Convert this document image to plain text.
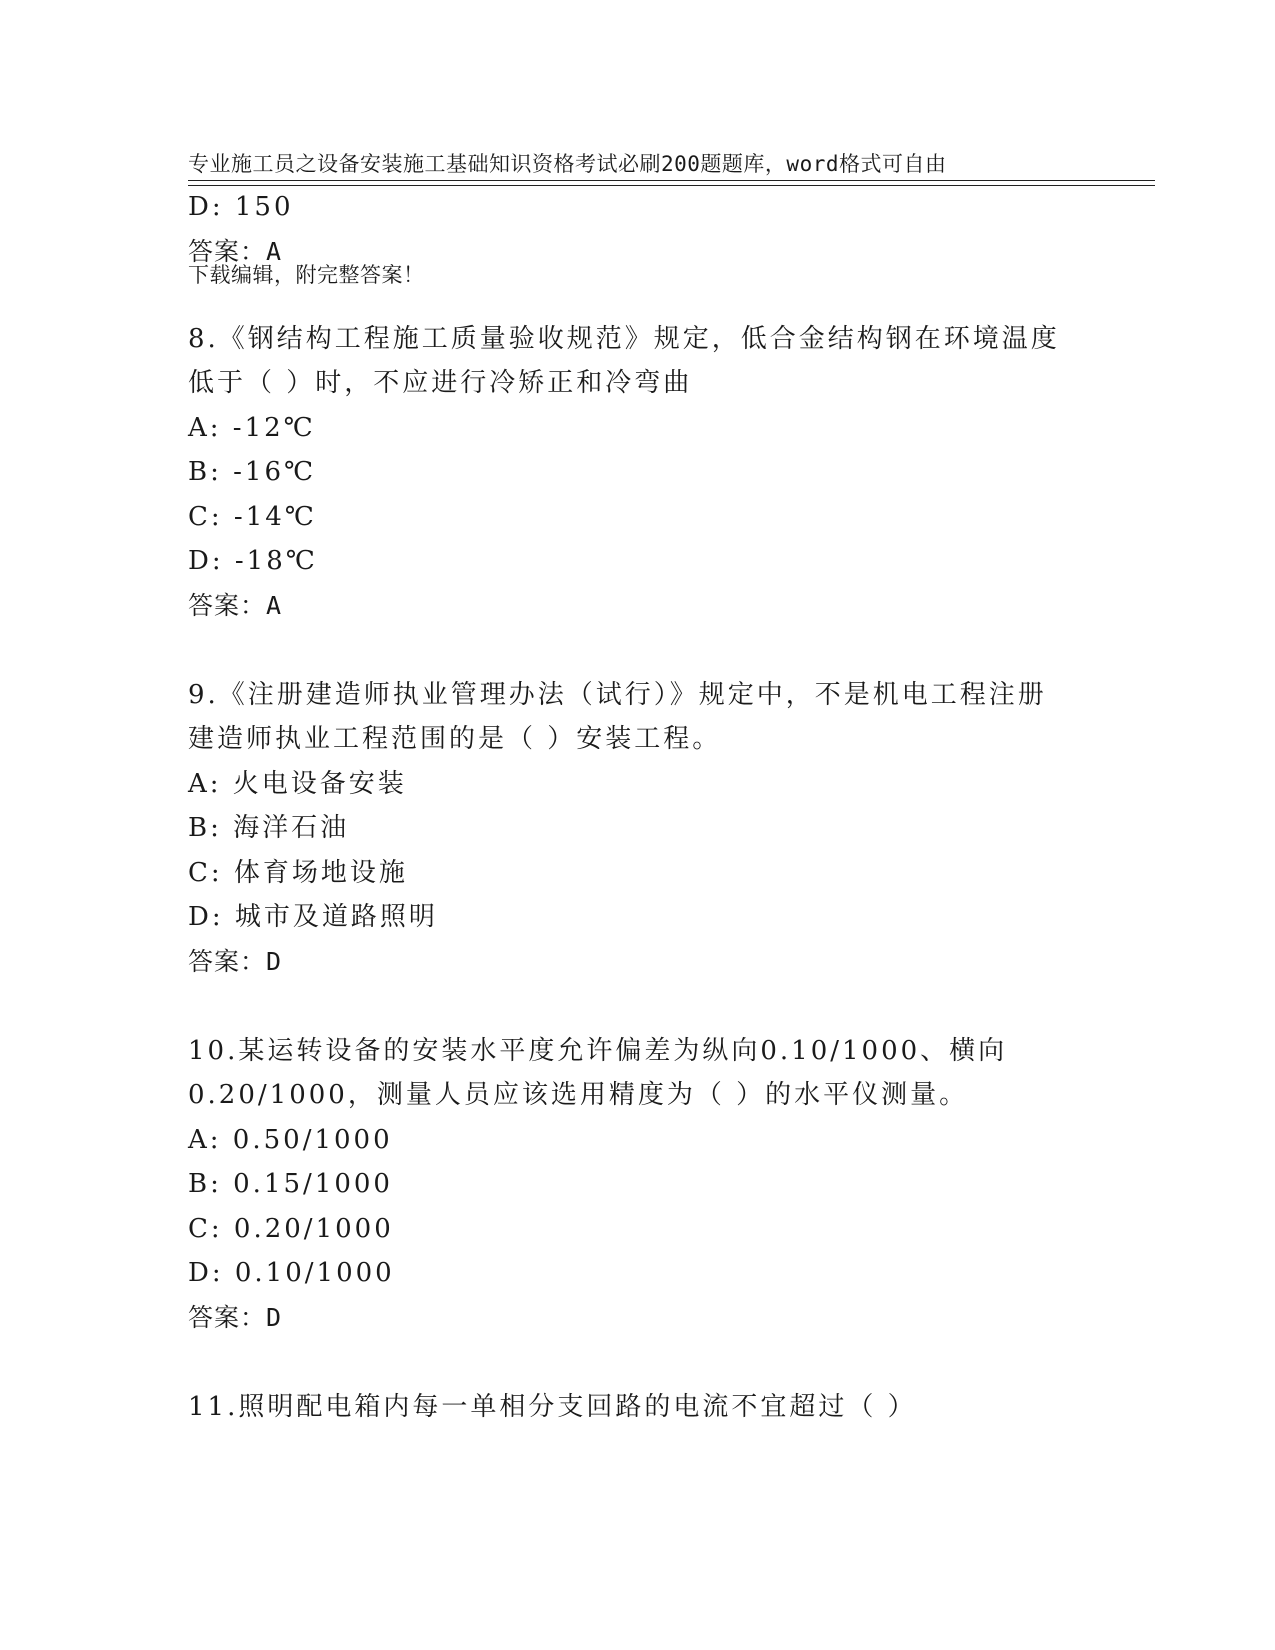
专业施工员之设备安装施工基础知识资格考试必刷200题题库，word格式可自由

下载编辑，附完整答案！

D: 150
答案：A
8.《钢结构工程施工质量验收规范》规定，低合金结构钢在环境温度
低于（ ）时，不应进行冷矫正和冷弯曲
A: -12℃
B: -16℃
C: -14℃
D: -18℃
答案：A
9.《注册建造师执业管理办法（试行）》规定中，不是机电工程注册
建造师执业工程范围的是（ ）安装工程。
A: 火电设备安装
B: 海洋石油
C: 体育场地设施
D: 城市及道路照明
答案：D
10.某运转设备的安装水平度允许偏差为纵向0.10/1000、横向
0.20/1000，测量人员应该选用精度为（ ）的水平仪测量。
A: 0.50/1000
B: 0.15/1000
C: 0.20/1000
D: 0.10/1000
答案：D
11.照明配电箱内每一单相分支回路的电流不宜超过（ ）
